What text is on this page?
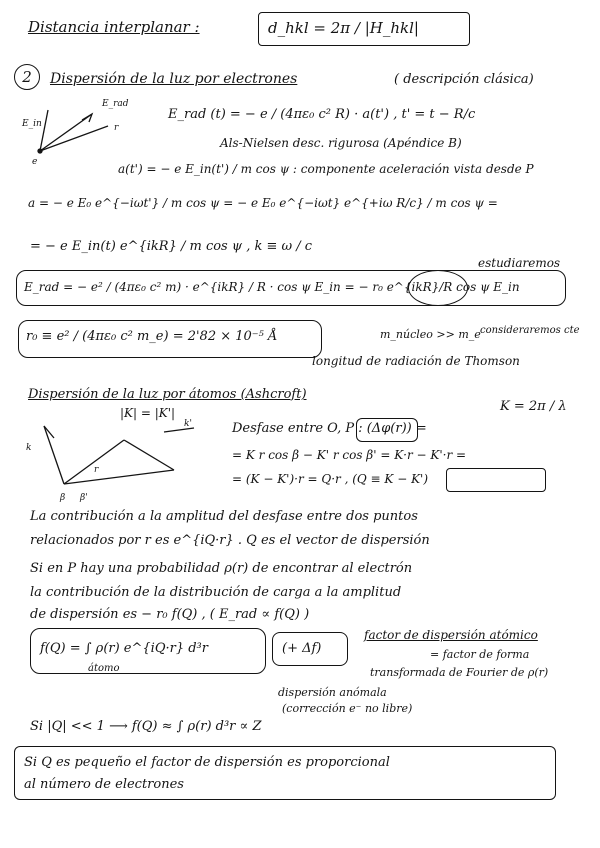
Distancia interplanar :	d_hkl = 2π / |H_hkl|
2	Dispersión de la luz por electrones	( descripción clásica)
E_rad
E_in	r
e
E_rad (t) = − e / (4πε₀ c² R) · a(t') , t' = t − R/c
Als-Nielsen desc. rigurosa (Apéndice B)
a(t') = − e E_in(t') / m cos ψ : componente aceleración vista desde P
a = − e E₀ e^{−iωt'} / m cos ψ = − e E₀ e^{−iωt} e^{+iω R/c} / m cos ψ =
= − e E_in(t) e^{ikR} / m cos ψ , k ≡ ω / c
estudiaremos
E_rad = − e² / (4πε₀ c² m) · e^{ikR} / R · cos ψ E_in = − r₀ e^{ikR}/R cos ψ E_in
r₀ ≡ e² / (4πε₀ c² m_e) = 2'82 × 10⁻⁵ Å	m_núcleo >> m_e consideraremos cte
longitud de radiación de Thomson
Dispersión de la luz por átomos (Ashcroft)
K = 2π / λ
|K| = |K'|
k
k'
r
β β'
Desfase entre O, P : (Δφ(r)) =
= K r cos β − K' r cos β' = K·r − K'·r =
= (K − K')·r = Q·r , (Q ≡ K − K')
La contribución a la amplitud del desfase entre dos puntos
relacionados por r es e^{iQ·r} . Q es el vector de dispersión
Si en P hay una probabilidad ρ(r) de encontrar al electrón
la contribución de la distribución de carga a la amplitud
de dispersión es − r₀ f(Q) , ( E_rad ∝ f(Q) )
f(Q) = ∫ ρ(r) e^{iQ·r} d³r
átomo
(+ Δf)
factor de dispersión atómico
= factor de forma
transformada de Fourier de ρ(r)
dispersión anómala
(corrección e⁻ no libre)
Si |Q| << 1 ⟶ f(Q) ≈ ∫ ρ(r) d³r ∝ Z
Si Q es pequeño el factor de dispersión es proporcional
al número de electrones
